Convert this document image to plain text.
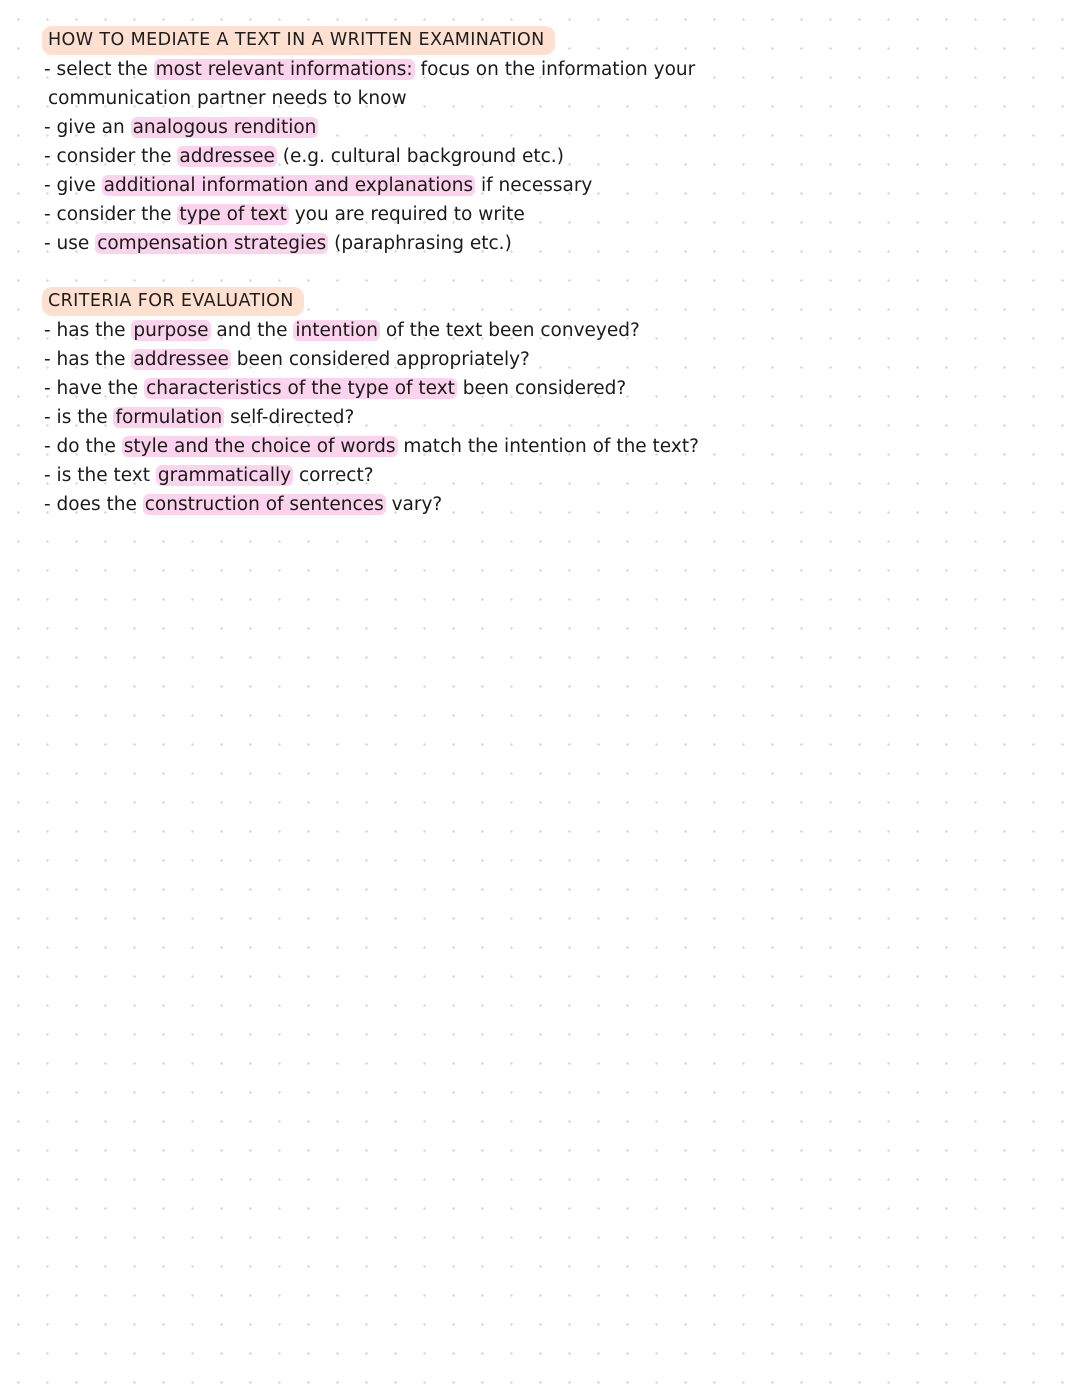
HOW TO MEDIATE A TEXT IN A WRITTEN EXAMINATION
- select the most relevant informations: focus on the information your
communication partner needs to know
- give an analogous rendition
- consider the addressee (e.g. cultural background etc.)
- give additional information and explanations if necessary
- consider the type of text you are required to write
- use compensation strategies (paraphrasing etc.)
CRITERIA FOR EVALUATION
- has the purpose and the intention of the text been conveyed?
- has the addressee been considered appropriately?
- have the characteristics of the type of text been considered?
- is the formulation self-directed?
- do the style and the choice of words match the intention of the text?
- is the text grammatically correct?
- does the construction of sentences vary?
